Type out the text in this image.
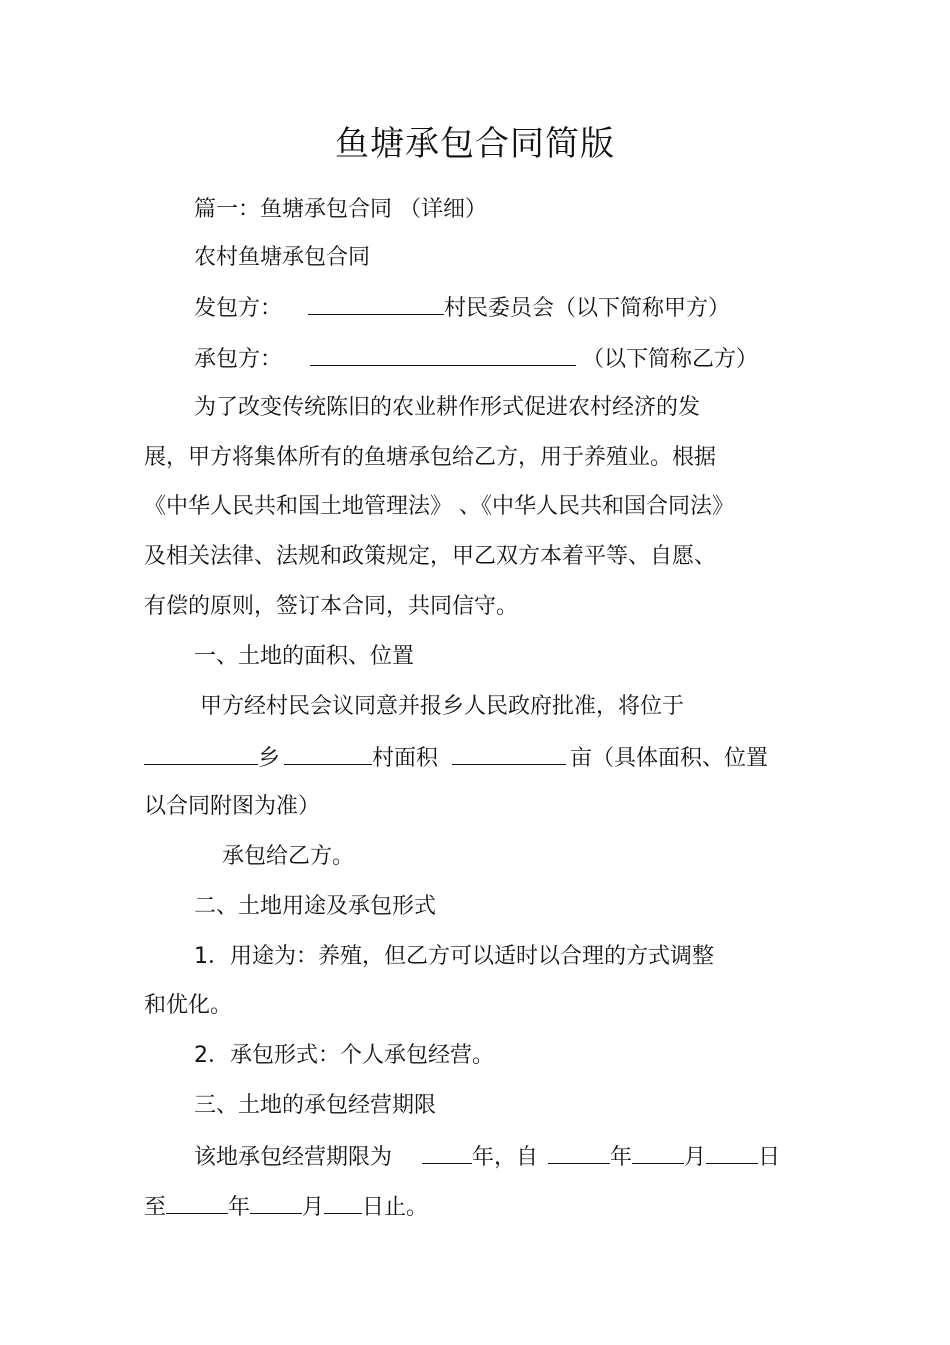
鱼塘承包合同简版
篇一：鱼塘承包合同 （详细）
农村鱼塘承包合同
发包方：	村民委员会（以下简称甲方）
承包方：	（以下简称乙方）
为了改变传统陈旧的农业耕作形式促进农村经济的发
展，甲方将集体所有的鱼塘承包给乙方，用于养殖业。根据
《中华人民共和国土地管理法》 、《中华人民共和国合同法》
及相关法律、法规和政策规定，甲乙双方本着平等、自愿、
有偿的原则，签订本合同，共同信守。
一、土地的面积、位置
甲方经村民会议同意并报乡人民政府批准，将位于
乡	村面积	亩（具体面积、位置
以合同附图为准）
承包给乙方。
二、土地用途及承包形式
1．用途为：养殖，但乙方可以适时以合理的方式调整
和优化。
2．承包形式：个人承包经营。
三、土地的承包经营期限
该地承包经营期限为	年，自	年 月 日
至	年 月 日止。
